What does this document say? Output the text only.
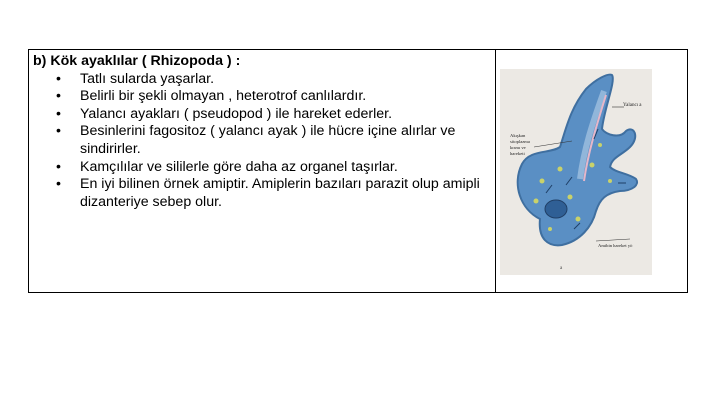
b) Kök ayaklılar ( Rhizopoda ) :
• Tatlı sularda yaşarlar.
• Belirli bir şekli olmayan , heterotrof canlılardır.
• Yalancı ayakları ( pseudopod ) ile hareket ederler.
• Besinlerini fagositoz ( yalancı ayak ) ile hücre içine alırlar ve sindirirler.
• Kamçılılar ve sililerle göre daha az organel taşırlar.
• En iyi bilinen örnek amiptir. Amiplerin bazıları parazit olup amipli dizanteriye sebep olur.
Yalancı a
Akışkan
sitoplazma
kısmı ve
hareketi
Amibin hareket yö
a
